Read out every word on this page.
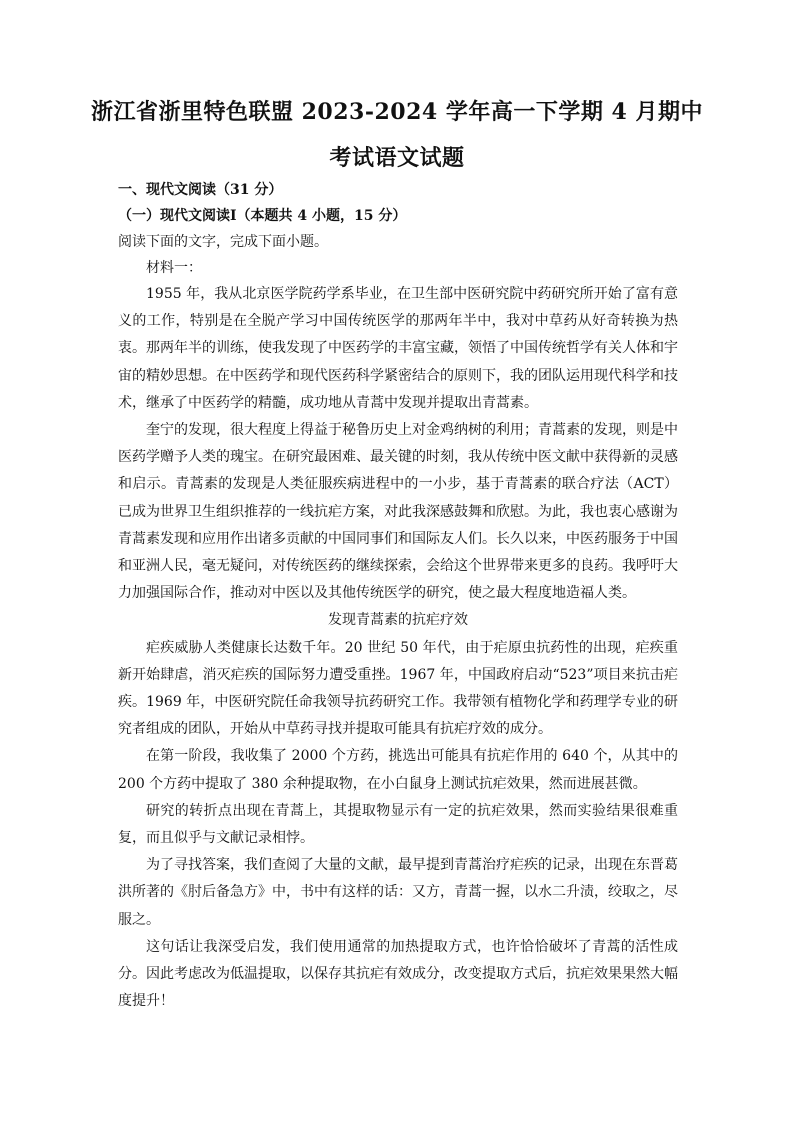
浙江省浙里特色联盟 2023-2024 学年高一下学期 4 月期中
考试语文试题
一、现代文阅读（31 分）
（一）现代文阅读Ⅰ（本题共 4 小题，15 分）
阅读下面的文字，完成下面小题。
材料一：

1955 年，我从北京医学院药学系毕业，在卫生部中医研究院中药研究所开始了富有意义的工作，特别是在全脱产学习中国传统医学的那两年半中，我对中草药从好奇转换为热衷。那两年半的训练，使我发现了中医药学的丰富宝藏，领悟了中国传统哲学有关人体和宇宙的精妙思想。在中医药学和现代医药科学紧密结合的原则下，我的团队运用现代科学和技术，继承了中医药学的精髓，成功地从青蒿中发现并提取出青蒿素。

奎宁的发现，很大程度上得益于秘鲁历史上对金鸡纳树的利用；青蒿素的发现，则是中医药学赠予人类的瑰宝。在研究最困难、最关键的时刻，我从传统中医文献中获得新的灵感和启示。青蒿素的发现是人类征服疾病进程中的一小步，基于青蒿素的联合疗法（ACT）已成为世界卫生组织推荐的一线抗疟方案，对此我深感鼓舞和欣慰。为此，我也衷心感谢为青蒿素发现和应用作出诸多贡献的中国同事们和国际友人们。长久以来，中医药服务于中国和亚洲人民，毫无疑问，对传统医药的继续探索，会给这个世界带来更多的良药。我呼吁大力加强国际合作，推动对中医以及其他传统医学的研究，使之最大程度地造福人类。

发现青蒿素的抗疟疗效

疟疾威胁人类健康长达数千年。20 世纪 50 年代，由于疟原虫抗药性的出现，疟疾重新开始肆虐，消灭疟疾的国际努力遭受重挫。1967 年，中国政府启动“523”项目来抗击疟疾。1969 年，中医研究院任命我领导抗药研究工作。我带领有植物化学和药理学专业的研究者组成的团队，开始从中草药寻找并提取可能具有抗疟疗效的成分。

在第一阶段，我收集了 2000 个方药，挑选出可能具有抗疟作用的 640 个，从其中的 200 个方药中提取了 380 余种提取物，在小白鼠身上测试抗疟效果，然而进展甚微。

研究的转折点出现在青蒿上，其提取物显示有一定的抗疟效果，然而实验结果很难重复，而且似乎与文献记录相悖。

为了寻找答案，我们查阅了大量的文献，最早提到青蒿治疗疟疾的记录，出现在东晋葛洪所著的《肘后备急方》中，书中有这样的话：又方，青蒿一握，以水二升渍，绞取之，尽服之。

这句话让我深受启发，我们使用通常的加热提取方式，也许恰恰破坏了青蒿的活性成分。因此考虑改为低温提取，以保存其抗疟有效成分，改变提取方式后，抗疟效果果然大幅度提升！
